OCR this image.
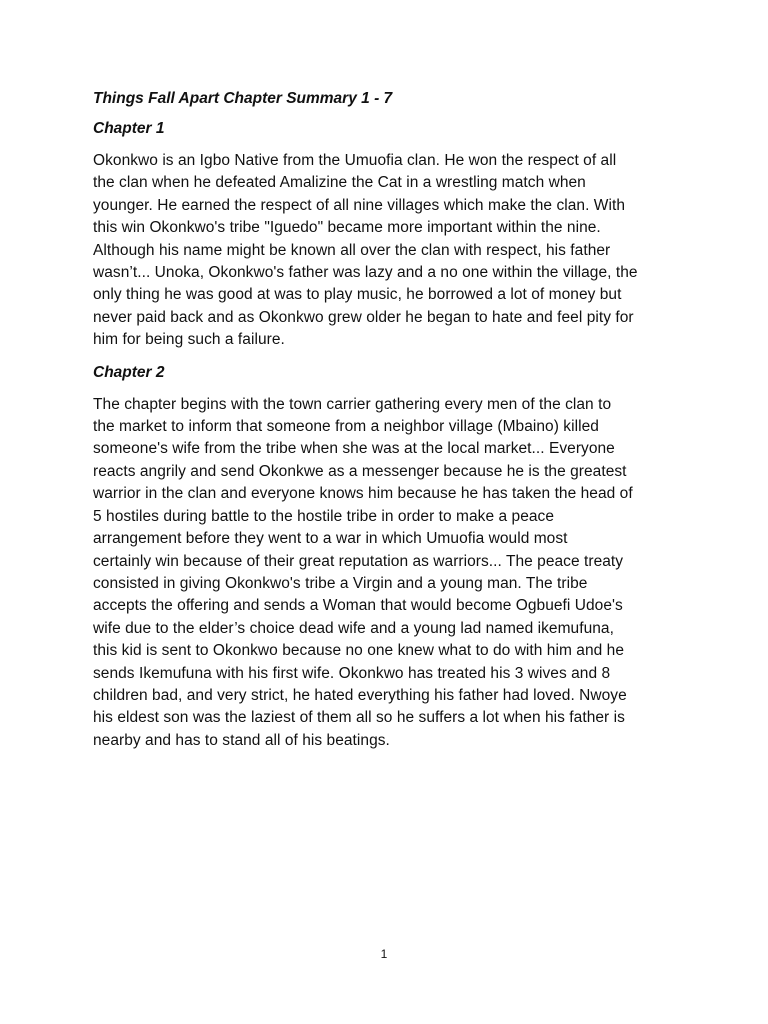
Things Fall Apart Chapter Summary 1 - 7
Chapter 1
Okonkwo is an Igbo Native from the Umuofia clan. He won the respect of all
the clan when he defeated Amalizine the Cat in a wrestling match when
younger. He earned the respect of all nine villages which make the clan. With
this win Okonkwo's tribe "Iguedo" became more important within the nine.
Although his name might be known all over the clan with respect, his father
wasn’t... Unoka, Okonkwo's father was lazy and a no one within the village, the
only thing he was good at was to play music, he borrowed a lot of money but
never paid back and as Okonkwo grew older he began to hate and feel pity for
him for being such a failure.
Chapter 2
The chapter begins with the town carrier gathering every men of the clan to
the market to inform that someone from a neighbor village (Mbaino) killed
someone's wife from the tribe when she was at the local market... Everyone
reacts angrily and send Okonkwe as a messenger because he is the greatest
warrior in the clan and everyone knows him because he has taken the head of
5 hostiles during battle to the hostile tribe in order to make a peace
arrangement before they went to a war in which Umuofia would most
certainly win because of their great reputation as warriors... The peace treaty
consisted in giving Okonkwo's tribe a Virgin and a young man. The tribe
accepts the offering and sends a Woman that would become Ogbuefi Udoe's
wife due to the elder’s choice dead wife and a young lad named ikemufuna,
this kid is sent to Okonkwo because no one knew what to do with him and he
sends Ikemufuna with his first wife. Okonkwo has treated his 3 wives and 8
children bad, and very strict, he hated everything his father had loved. Nwoye
his eldest son was the laziest of them all so he suffers a lot when his father is
nearby and has to stand all of his beatings.
1
